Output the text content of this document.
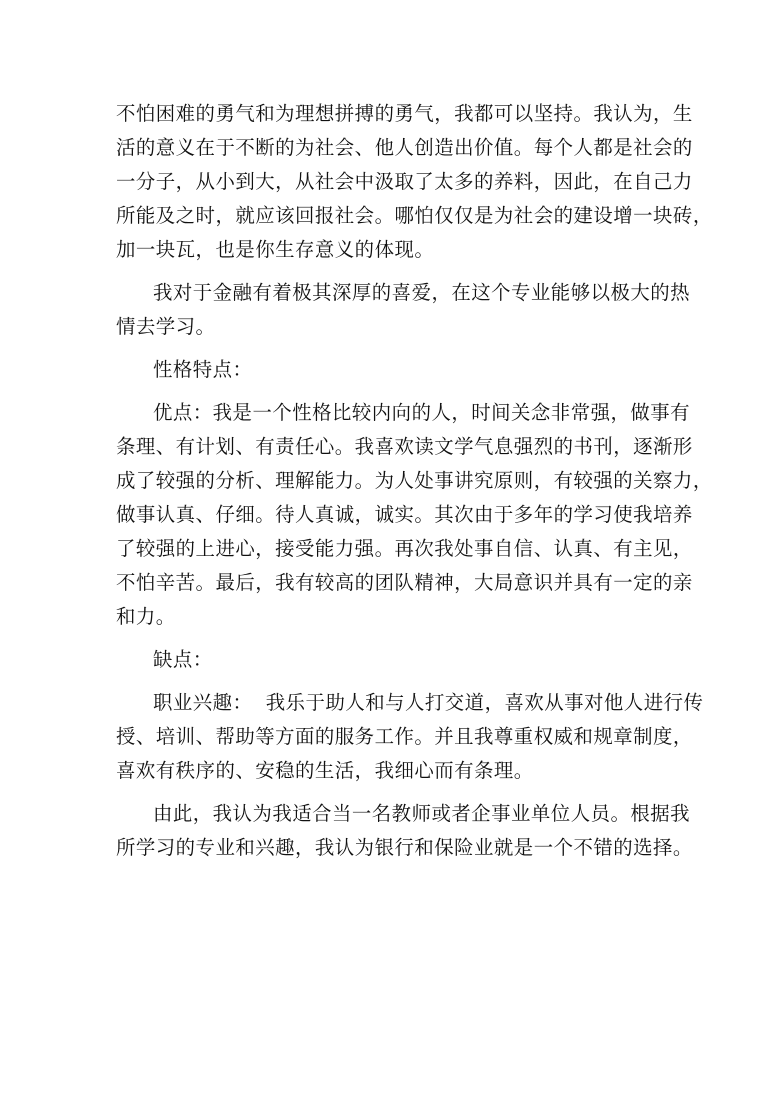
不怕困难的勇气和为理想拼搏的勇气，我都可以坚持。我认为，生
活的意义在于不断的为社会、他人创造出价值。每个人都是社会的
一分子，从小到大，从社会中汲取了太多的养料，因此，在自己力
所能及之时，就应该回报社会。哪怕仅仅是为社会的建设增一块砖，
加一块瓦，也是你生存意义的体现。
我对于金融有着极其深厚的喜爱，在这个专业能够以极大的热
情去学习。
性格特点：
优点：我是一个性格比较内向的人，时间关念非常强，做事有
条理、有计划、有责任心。我喜欢读文学气息强烈的书刊，逐渐形
成了较强的分析、理解能力。为人处事讲究原则，有较强的关察力，
做事认真、仔细。待人真诚，诚实。其次由于多年的学习使我培养
了较强的上进心，接受能力强。再次我处事自信、认真、有主见，
不怕辛苦。最后，我有较高的团队精神，大局意识并具有一定的亲
和力。
缺点：
职业兴趣：  我乐于助人和与人打交道，喜欢从事对他人进行传
授、培训、帮助等方面的服务工作。并且我尊重权威和规章制度，
喜欢有秩序的、安稳的生活，我细心而有条理。
由此，我认为我适合当一名教师或者企事业单位人员。根据我
所学习的专业和兴趣，我认为银行和保险业就是一个不错的选择。
